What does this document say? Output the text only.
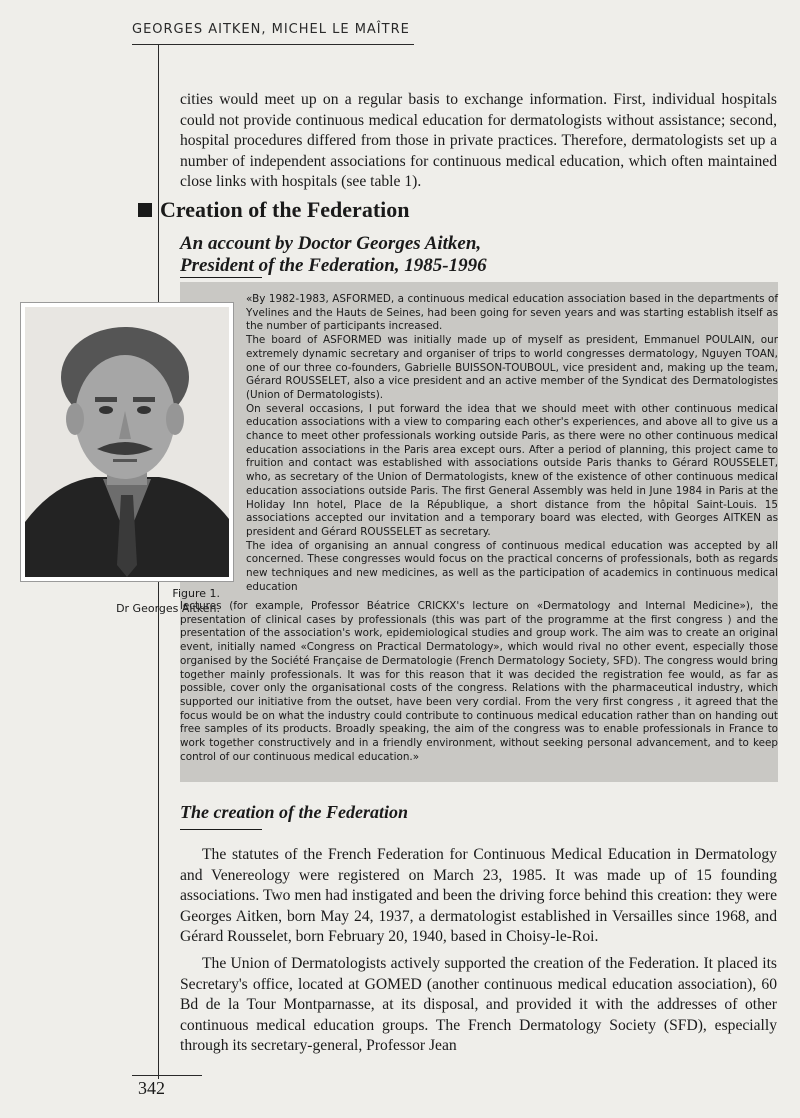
GEORGES AITKEN, MICHEL LE MAÎTRE

cities would meet up on a regular basis to exchange information. First, individual hospitals could not provide continuous medical education for dermatologists without assistance; second, hospital procedures differed from those in private practices. Therefore, dermatologists set up a number of independent associations for continuous medical education, which often maintained close links with hospitals (see table 1).

Creation of the Federation
An account by Doctor Georges Aitken,
President of the Federation, 1985-1996
Figure 1.
Dr Georges Aitken.

«By 1982-1983, ASFORMED, a continuous medical education association based in the departments of Yvelines and the Hauts de Seines, had been going for seven years and was starting establish itself as the number of participants increased.

The board of ASFORMED was initially made up of myself as president, Emmanuel POULAIN, our extremely dynamic secretary and organiser of trips to world congresses dermatology, Nguyen TOAN, one of our three co-founders, Gabrielle BUISSON-TOUBOUL, vice president and, making up the team, Gérard ROUSSELET, also a vice president and an active member of the Syndicat des Dermatologistes (Union of Dermatologists).

On several occasions, I put forward the idea that we should meet with other continuous medical education associations with a view to comparing each other's experiences, and above all to give us a chance to meet other professionals working outside Paris, as there were no other continuous medical education associations in the Paris area except ours. After a period of planning, this project came to fruition and contact was established with associations outside Paris thanks to Gérard ROUSSELET, who, as secretary of the Union of Dermatologists, knew of the existence of other continuous medical education associations outside Paris. The first General Assembly was held in June 1984 in Paris at the Holiday Inn hotel, Place de la République, a short distance from the hôpital Saint-Louis. 15 associations accepted our invitation and a temporary board was elected, with Georges AITKEN as president and Gérard ROUSSELET as secretary.

The idea of organising an annual congress of continuous medical education was accepted by all concerned. These congresses would focus on the practical concerns of professionals, both as regards new techniques and new medicines, as well as the participation of academics in continuous medical education

lectures (for example, Professor Béatrice CRICKX's lecture on «Dermatology and Internal Medicine»), the presentation of clinical cases by professionals (this was part of the programme at the first congress ) and the presentation of the association's work, epidemiological studies and group work. The aim was to create an original event, initially named «Congress on Practical Dermatology», which would rival no other event, especially those organised by the Société Française de Dermatologie (French Dermatology Society, SFD). The congress would bring together mainly professionals. It was for this reason that it was decided the registration fee would, as far as possible, cover only the organisational costs of the congress. Relations with the pharmaceutical industry, which supported our initiative from the outset, have been very cordial. From the very first congress , it agreed that the focus would be on what the industry could contribute to continuous medical education rather than on handing out free samples of its products. Broadly speaking, the aim of the congress was to enable professionals in France to work together constructively and in a friendly environment, without seeking personal advancement, and to keep control of our continuous medical education.»

The creation of the Federation

The statutes of the French Federation for Continuous Medical Education in Dermatology and Venereology were registered on March 23, 1985. It was made up of 15 founding associations. Two men had instigated and been the driving force behind this creation: they were Georges Aitken, born May 24, 1937, a dermatologist established in Versailles since 1968, and Gérard Rousselet, born February 20, 1940, based in Choisy-le-Roi.

The Union of Dermatologists actively supported the creation of the Federation. It placed its Secretary's office, located at GOMED (another continuous medical education association), 60 Bd de la Tour Montparnasse, at its disposal, and provided it with the addresses of other continuous medical education groups. The French Dermatology Society (SFD), especially through its secretary-general, Professor Jean

342
